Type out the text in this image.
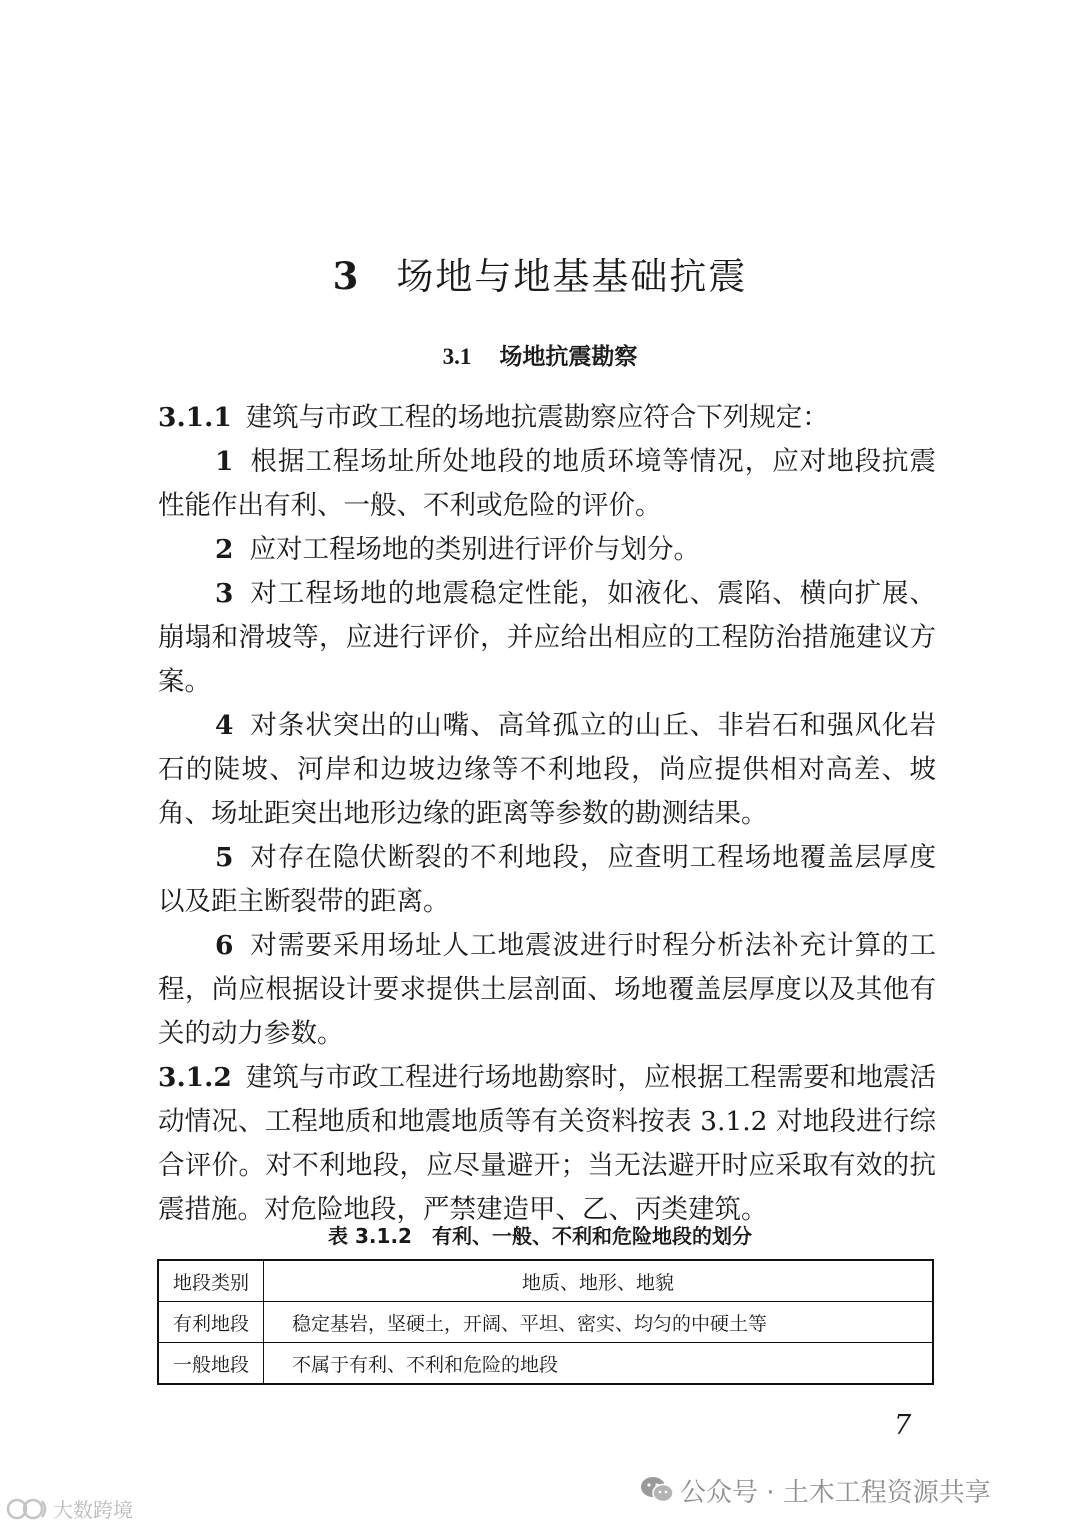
3 场地与地基基础抗震
3.1 场地抗震勘察

3.1.1 建筑与市政工程的场地抗震勘察应符合下列规定：

1 根据工程场址所处地段的地质环境等情况，应对地段抗震性能作出有利、一般、不利或危险的评价。

2 应对工程场地的类别进行评价与划分。

3 对工程场地的地震稳定性能，如液化、震陷、横向扩展、崩塌和滑坡等，应进行评价，并应给出相应的工程防治措施建议方案。

4 对条状突出的山嘴、高耸孤立的山丘、非岩石和强风化岩石的陡坡、河岸和边坡边缘等不利地段，尚应提供相对高差、坡角、场址距突出地形边缘的距离等参数的勘测结果。

5 对存在隐伏断裂的不利地段，应查明工程场地覆盖层厚度以及距主断裂带的距离。

6 对需要采用场址人工地震波进行时程分析法补充计算的工程，尚应根据设计要求提供土层剖面、场地覆盖层厚度以及其他有关的动力参数。

3.1.2 建筑与市政工程进行场地勘察时，应根据工程需要和地震活动情况、工程地质和地震地质等有关资料按表 3.1.2 对地段进行综合评价。对不利地段，应尽量避开；当无法避开时应采取有效的抗震措施。对危险地段，严禁建造甲、乙、丙类建筑。

表 3.1.2 有利、一般、不利和危险地段的划分
地段类别	地质、地形、地貌
有利地段	稳定基岩，坚硬土，开阔、平坦、密实、均匀的中硬土等
一般地段	不属于有利、不利和危险的地段
7
公众号 · 土木工程资源共享
大数跨境
